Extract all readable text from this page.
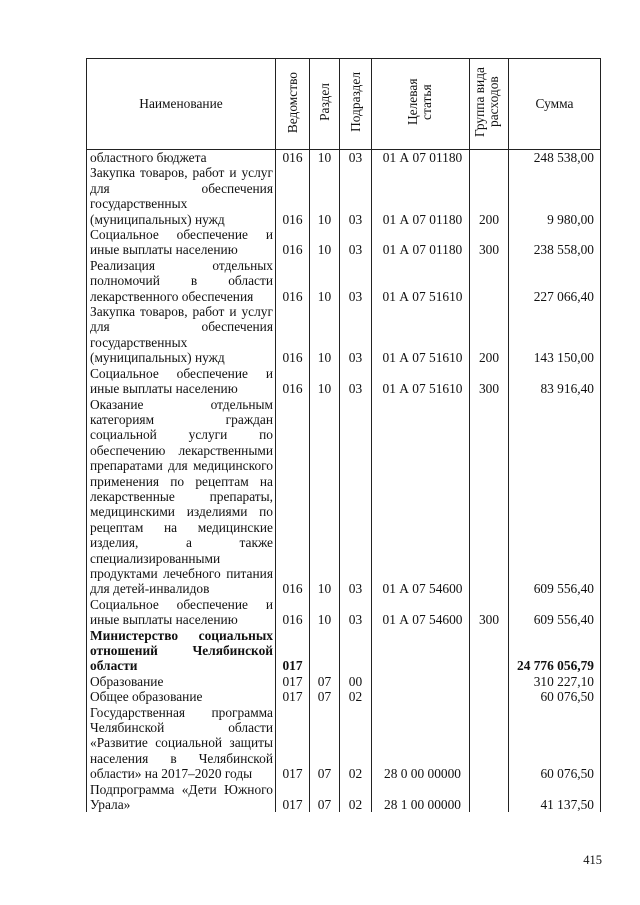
Наименование	Ведомство	Раздел	Подраздел	Целевая статья	Группа вида расходов	Сумма
областного бюджета	016	10	03	01 А 07 01180		248 538,00
Закупка товаров, работ и услуг для обеспечения государственных (муниципальных) нужд	016	10	03	01 А 07 01180	200	9 980,00
Социальное обеспечение и иные выплаты населению	016	10	03	01 А 07 01180	300	238 558,00
Реализация отдельных полномочий в области лекарственного обеспечения	016	10	03	01 А 07 51610		227 066,40
Закупка товаров, работ и услуг для обеспечения государственных (муниципальных) нужд	016	10	03	01 А 07 51610	200	143 150,00
Социальное обеспечение и иные выплаты населению	016	10	03	01 А 07 51610	300	83 916,40
Оказание отдельным категориям граждан социальной услуги по обеспечению лекарственными препаратами для медицинского применения по рецептам на лекарственные препараты, медицинскими изделиями по рецептам на медицинские изделия, а также специализированными продуктами лечебного питания для детей-инвалидов	016	10	03	01 А 07 54600		609 556,40
Социальное обеспечение и иные выплаты населению	016	10	03	01 А 07 54600	300	609 556,40
Министерство социальных отношений Челябинской области	017					24 776 056,79
Образование	017	07	00			310 227,10
Общее образование	017	07	02			60 076,50
Государственная программа Челябинской области «Развитие социальной защиты населения в Челябинской области» на 2017–2020 годы	017	07	02	28 0 00 00000		60 076,50
Подпрограмма «Дети Южного Урала»	017	07	02	28 1 00 00000		41 137,50
415
